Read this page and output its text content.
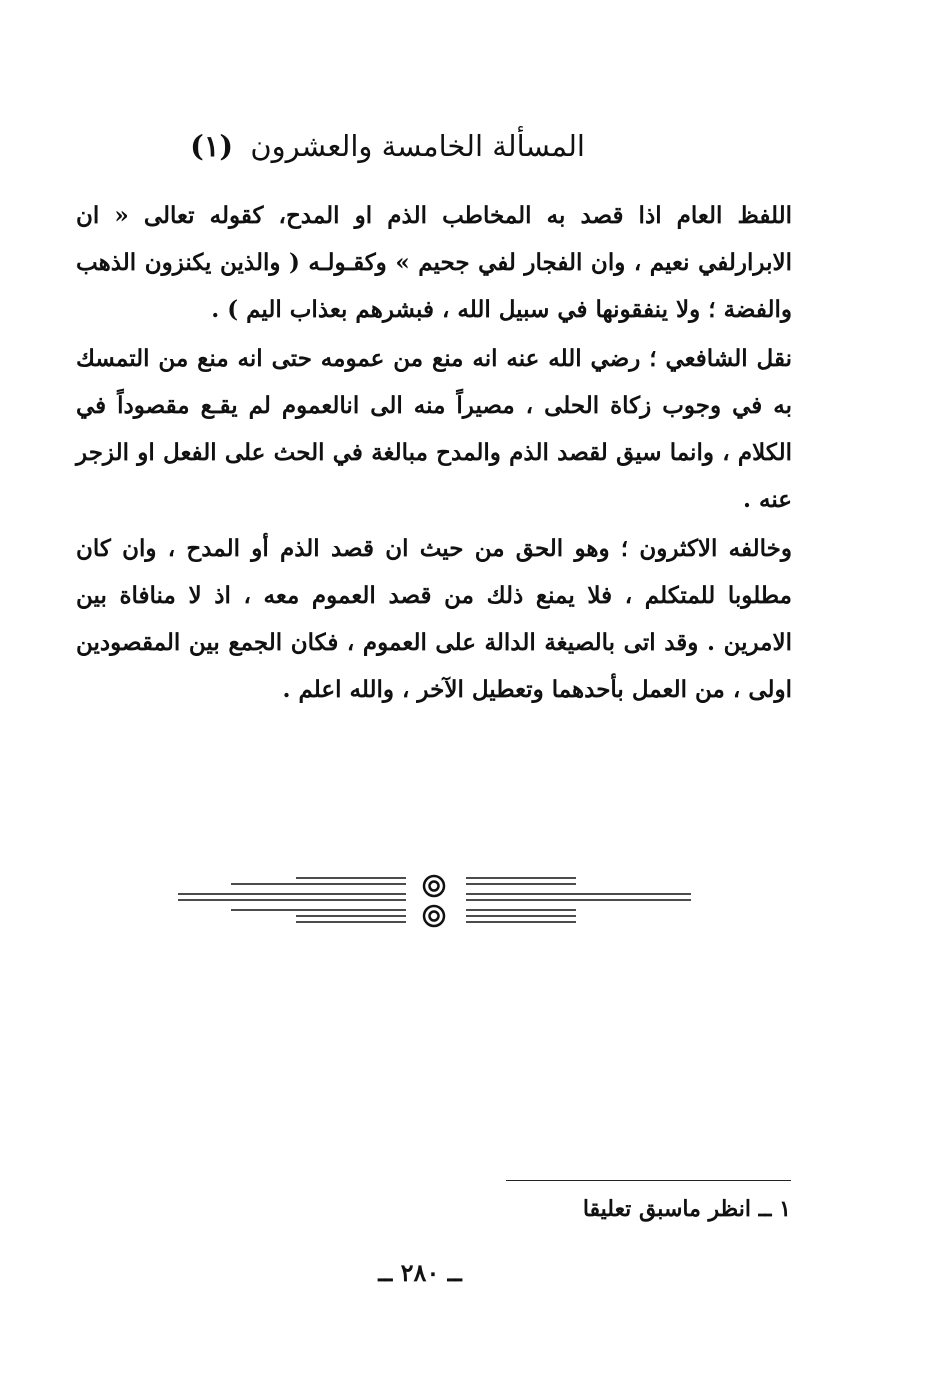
المسألة الخامسة والعشرون (١)

اللفظ العام اذا قصد به المخاطب الذم او المدح، كقوله تعالى « ان الابرارلفي نعيم ، وان الفجار لفي جحيم » وكقـولـه ( والذين يكنزون الذهب والفضة ؛ ولا ينفقونها في سبيل الله ، فبشرهم بعذاب اليم ) .

نقل الشافعي ؛ رضي الله عنه انه منع من عمومه حتى انه منع من التمسك به في وجوب زكاة الحلى ، مصيراً منه الى انالعموم لم يقـع مقصوداً في الكلام ، وانما سيق لقصد الذم والمدح مبالغة في الحث على الفعل او الزجر عنه .

وخالفه الاكثرون ؛ وهو الحق من حيث ان قصد الذم أو المدح ، وان كان مطلوبا للمتكلم ، فلا يمنع ذلك من قصد العموم معه ، اذ لا منافاة بين الامرين . وقد اتى بالصيغة الدالة على العموم ، فكان الجمع بين المقصودين اولى ، من العمل بأحدهما وتعطيل الآخر ، والله اعلم .

١ ــ انظر ماسبق تعليقا
ــ ٢٨٠ ــ
